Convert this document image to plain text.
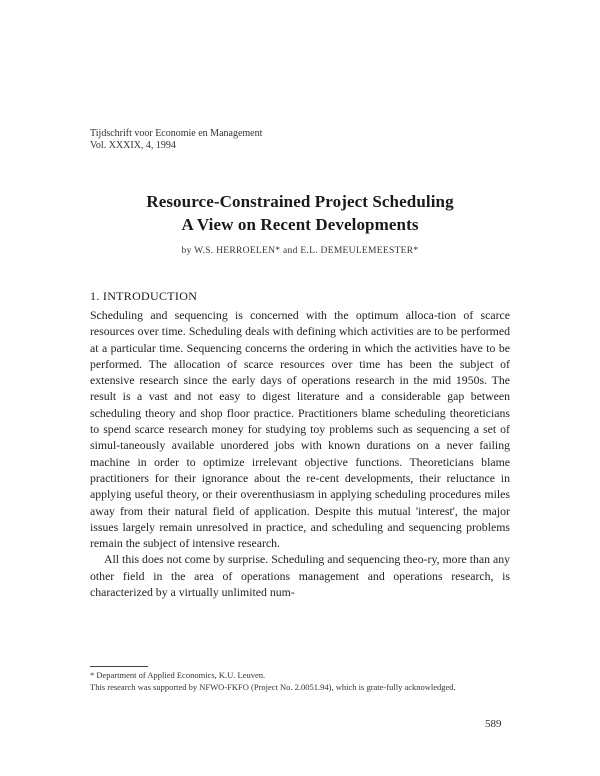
Tijdschrift voor Economie en Management
Vol. XXXIX, 4, 1994
Resource-Constrained Project Scheduling
A View on Recent Developments
by W.S. HERROELEN* and E.L. DEMEULEMEESTER*
1. INTRODUCTION

Scheduling and sequencing is concerned with the optimum alloca-tion of scarce resources over time. Scheduling deals with defining which activities are to be performed at a particular time. Sequencing concerns the ordering in which the activities have to be performed. The allocation of scarce resources over time has been the subject of extensive research since the early days of operations research in the mid 1950s. The result is a vast and not easy to digest literature and a considerable gap between scheduling theory and shop floor practice. Practitioners blame scheduling theoreticians to spend scarce research money for studying toy problems such as sequencing a set of simul-taneously available unordered jobs with known durations on a never failing machine in order to optimize irrelevant objective functions. Theoreticians blame practitioners for their ignorance about the re-cent developments, their reluctance in applying useful theory, or their overenthusiasm in applying scheduling procedures miles away from their natural field of application. Despite this mutual 'interest', the major issues largely remain unresolved in practice, and scheduling and sequencing problems remain the subject of intensive research.

All this does not come by surprise. Scheduling and sequencing theo-ry, more than any other field in the area of operations management and operations research, is characterized by a virtually unlimited num-

* Department of Applied Economics, K.U. Leuven.
This research was supported by NFWO-FKFO (Project No. 2.0051.94), which is grate-fully acknowledged.
589
